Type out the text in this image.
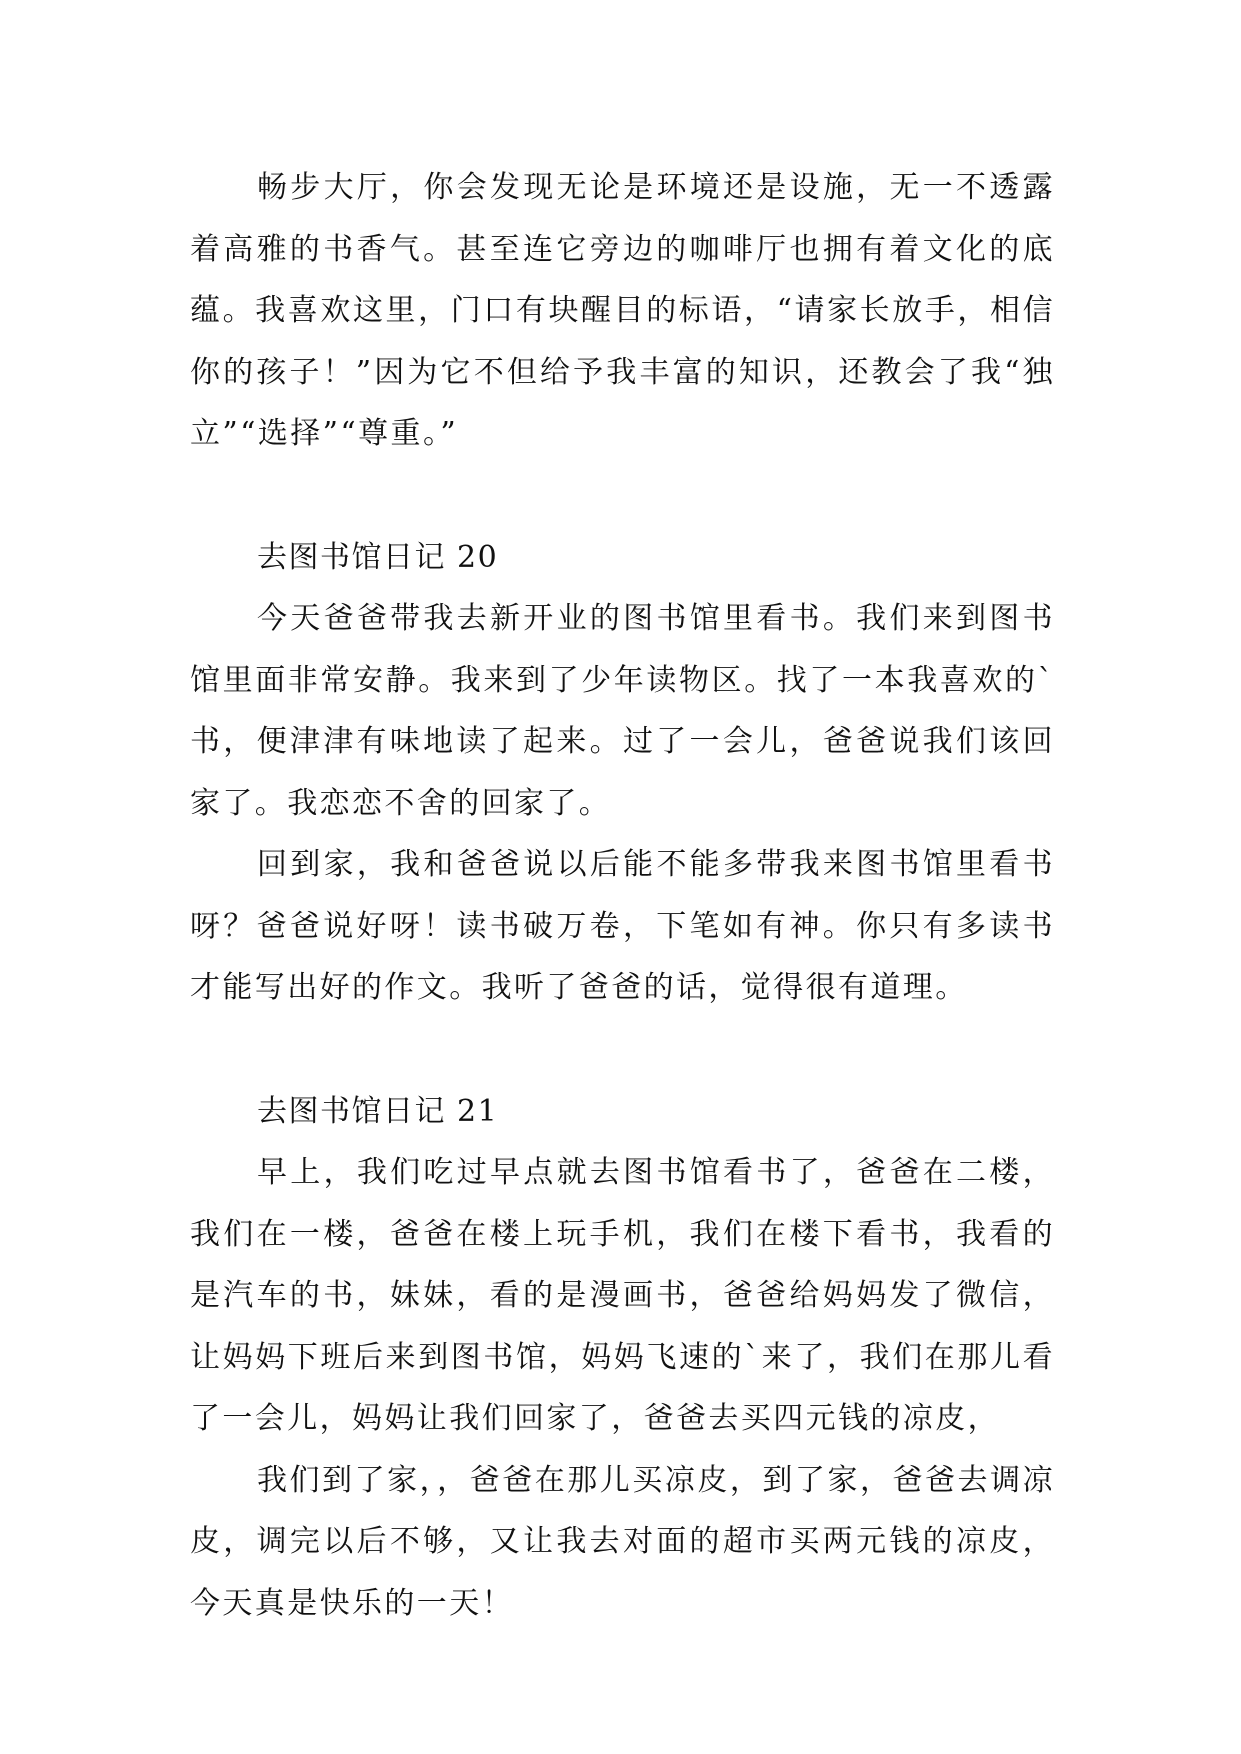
畅步大厅，你会发现无论是环境还是设施，无一不透露着高雅的书香气。甚至连它旁边的咖啡厅也拥有着文化的底蕴。我喜欢这里，门口有块醒目的标语，“请家长放手，相信你的孩子！”因为它不但给予我丰富的知识，还教会了我“独立”“选择”“尊重。”

去图书馆日记 20

今天爸爸带我去新开业的图书馆里看书。我们来到图书馆里面非常安静。我来到了少年读物区。找了一本我喜欢的`书，便津津有味地读了起来。过了一会儿，爸爸说我们该回家了。我恋恋不舍的回家了。

回到家，我和爸爸说以后能不能多带我来图书馆里看书呀？爸爸说好呀！读书破万卷，下笔如有神。你只有多读书才能写出好的作文。我听了爸爸的话，觉得很有道理。

去图书馆日记 21

早上，我们吃过早点就去图书馆看书了，爸爸在二楼，我们在一楼，爸爸在楼上玩手机，我们在楼下看书，我看的是汽车的书，妹妹，看的是漫画书，爸爸给妈妈发了微信，让妈妈下班后来到图书馆，妈妈飞速的`来了，我们在那儿看了一会儿，妈妈让我们回家了，爸爸去买四元钱的凉皮，

我们到了家，，爸爸在那儿买凉皮，到了家，爸爸去调凉皮，调完以后不够，又让我去对面的超市买两元钱的凉皮，今天真是快乐的一天！
